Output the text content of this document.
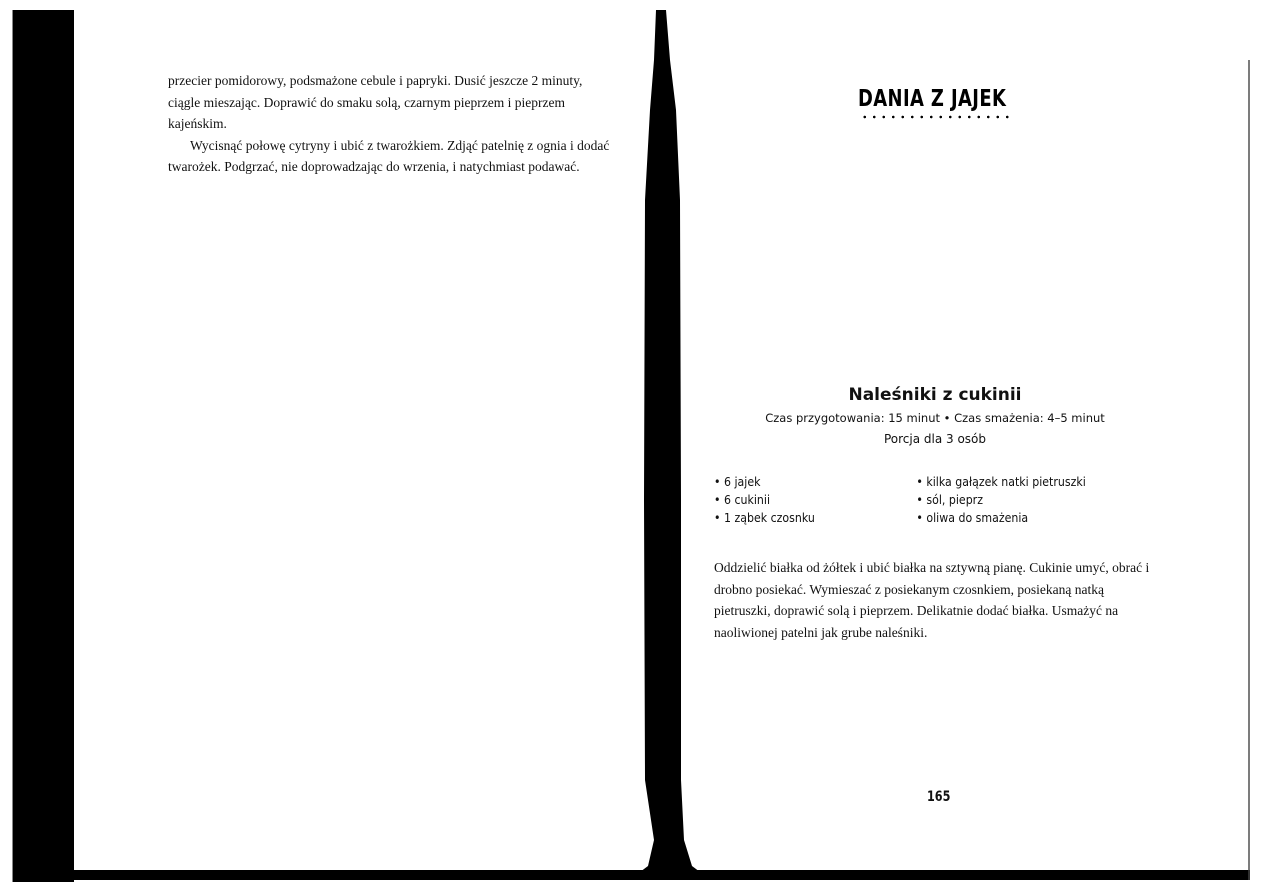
przecier pomidorowy, podsmażone cebule i papryki. Dusić jeszcze 2 minuty, ciągle mieszając. Doprawić do smaku solą, czarnym pieprzem i pieprzem kajeńskim.

Wycisnąć połowę cytryny i ubić z twarożkiem. Zdjąć patelnię z ognia i dodać twarożek. Podgrzać, nie doprowadzając do wrzenia, i natychmiast podawać.

DANIA Z JAJEK
Naleśniki z cukinii
Czas przygotowania: 15 minut • Czas smażenia: 4–5 minut
Porcja dla 3 osób
• 6 jajek	• kilka gałązek natki pietruszki
• 6 cukinii	• sól, pieprz
• 1 ząbek czosnku	• oliwa do smażenia

Oddzielić białka od żółtek i ubić białka na sztywną pianę. Cukinie umyć, obrać i drobno posiekać. Wymieszać z posiekanym czosnkiem, posiekaną natką pietruszki, doprawić solą i pieprzem. Delikatnie dodać białka. Usmażyć na naoliwionej patelni jak grube naleśniki.

165
